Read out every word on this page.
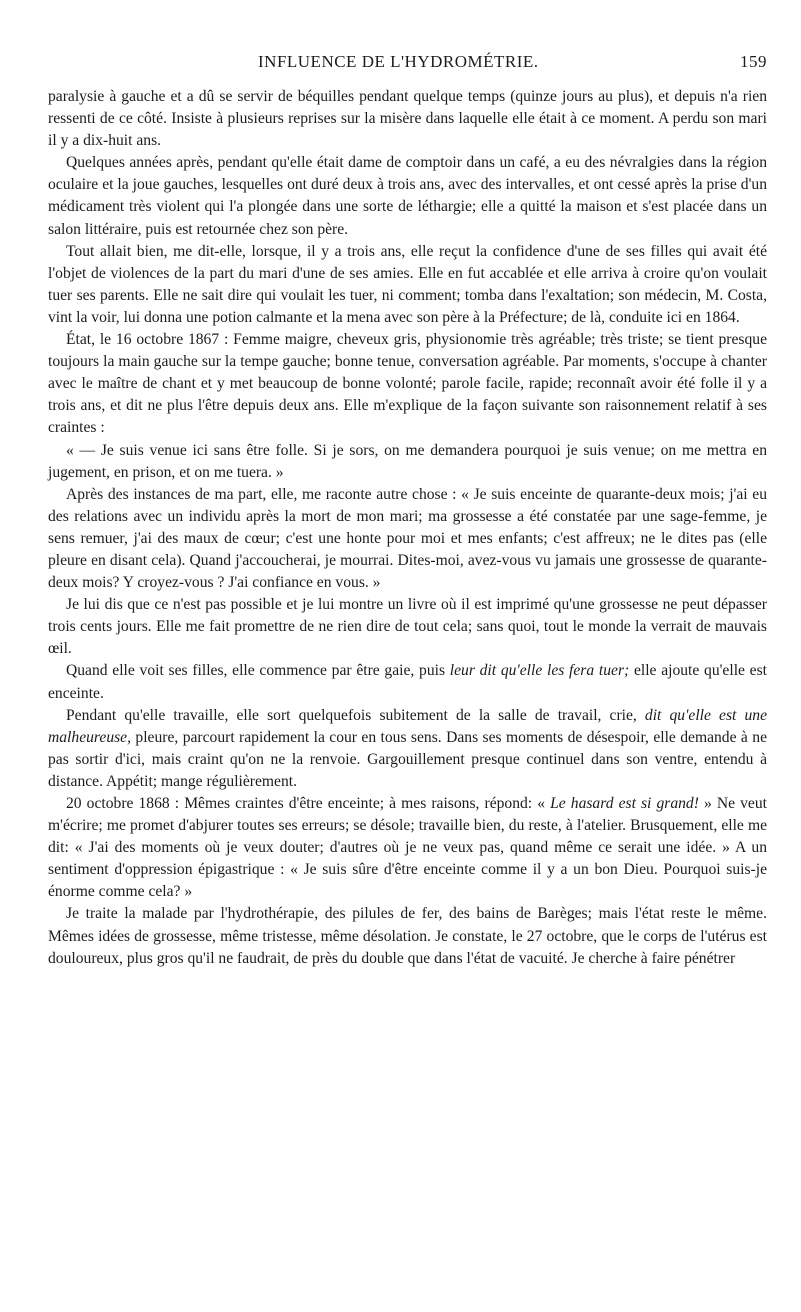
INFLUENCE DE L'HYDROMÉTRIE.	159

paralysie à gauche et a dû se servir de béquilles pendant quelque temps (quinze jours au plus), et depuis n'a rien ressenti de ce côté. Insiste à plusieurs reprises sur la misère dans laquelle elle était à ce moment. A perdu son mari il y a dix-huit ans.

Quelques années après, pendant qu'elle était dame de comptoir dans un café, a eu des névralgies dans la région oculaire et la joue gauches, lesquelles ont duré deux à trois ans, avec des intervalles, et ont cessé après la prise d'un médicament très violent qui l'a plongée dans une sorte de léthargie; elle a quitté la maison et s'est placée dans un salon littéraire, puis est retournée chez son père.

Tout allait bien, me dit-elle, lorsque, il y a trois ans, elle reçut la confidence d'une de ses filles qui avait été l'objet de violences de la part du mari d'une de ses amies. Elle en fut accablée et elle arriva à croire qu'on voulait tuer ses parents. Elle ne sait dire qui voulait les tuer, ni comment; tomba dans l'exaltation; son médecin, M. Costa, vint la voir, lui donna une potion calmante et la mena avec son père à la Préfecture; de là, conduite ici en 1864.

État, le 16 octobre 1867 : Femme maigre, cheveux gris, physionomie très agréable; très triste; se tient presque toujours la main gauche sur la tempe gauche; bonne tenue, conversation agréable. Par moments, s'occupe à chanter avec le maître de chant et y met beaucoup de bonne volonté; parole facile, rapide; reconnaît avoir été folle il y a trois ans, et dit ne plus l'être depuis deux ans. Elle m'explique de la façon suivante son raisonnement relatif à ses craintes :

« — Je suis venue ici sans être folle. Si je sors, on me demandera pourquoi je suis venue; on me mettra en jugement, en prison, et on me tuera. »

Après des instances de ma part, elle, me raconte autre chose : « Je suis enceinte de quarante-deux mois; j'ai eu des relations avec un individu après la mort de mon mari; ma grossesse a été constatée par une sage-femme, je sens remuer, j'ai des maux de cœur; c'est une honte pour moi et mes enfants; c'est affreux; ne le dites pas (elle pleure en disant cela). Quand j'accoucherai, je mourrai. Dites-moi, avez-vous vu jamais une grossesse de quarante-deux mois? Y croyez-vous ? J'ai confiance en vous. »

Je lui dis que ce n'est pas possible et je lui montre un livre où il est imprimé qu'une grossesse ne peut dépasser trois cents jours. Elle me fait promettre de ne rien dire de tout cela; sans quoi, tout le monde la verrait de mauvais œil.

Quand elle voit ses filles, elle commence par être gaie, puis leur dit qu'elle les fera tuer; elle ajoute qu'elle est enceinte.

Pendant qu'elle travaille, elle sort quelquefois subitement de la salle de travail, crie, dit qu'elle est une malheureuse, pleure, parcourt rapidement la cour en tous sens. Dans ses moments de désespoir, elle demande à ne pas sortir d'ici, mais craint qu'on ne la renvoie. Gargouillement presque continuel dans son ventre, entendu à distance. Appétit; mange régulièrement.

20 octobre 1868 : Mêmes craintes d'être enceinte; à mes raisons, répond: « Le hasard est si grand! » Ne veut m'écrire; me promet d'abjurer toutes ses erreurs; se désole; travaille bien, du reste, à l'atelier. Brusquement, elle me dit: « J'ai des moments où je veux douter; d'autres où je ne veux pas, quand même ce serait une idée. » A un sentiment d'oppression épigastrique : « Je suis sûre d'être enceinte comme il y a un bon Dieu. Pourquoi suis-je énorme comme cela? »

Je traite la malade par l'hydrothérapie, des pilules de fer, des bains de Barèges; mais l'état reste le même. Mêmes idées de grossesse, même tristesse, même désolation. Je constate, le 27 octobre, que le corps de l'utérus est douloureux, plus gros qu'il ne faudrait, de près du double que dans l'état de vacuité. Je cherche à faire pénétrer
